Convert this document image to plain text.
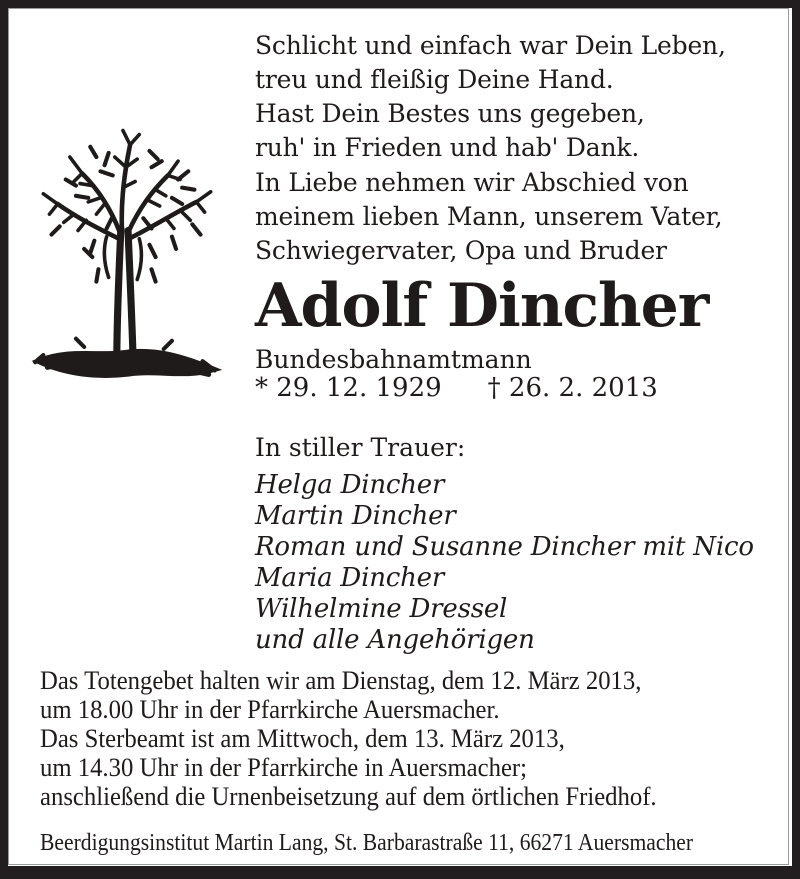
Schlicht und einfach war Dein Leben,
treu und fleißig Deine Hand.
Hast Dein Bestes uns gegeben,
ruh' in Frieden und hab' Dank.
In Liebe nehmen wir Abschied von
meinem lieben Mann, unserem Vater,
Schwiegervater, Opa und Bruder
Adolf Dincher
Bundesbahnamtmann
* 29. 12. 1929 † 26. 2. 2013
In stiller Trauer:
Helga Dincher
Martin Dincher
Roman und Susanne Dincher mit Nico
Maria Dincher
Wilhelmine Dressel
und alle Angehörigen
Das Totengebet halten wir am Dienstag, dem 12. März 2013,
um 18.00 Uhr in der Pfarrkirche Auersmacher.
Das Sterbeamt ist am Mittwoch, dem 13. März 2013,
um 14.30 Uhr in der Pfarrkirche in Auersmacher;
anschließend die Urnenbeisetzung auf dem örtlichen Friedhof.
Beerdigungsinstitut Martin Lang, St. Barbarastraße 11, 66271 Auersmacher
